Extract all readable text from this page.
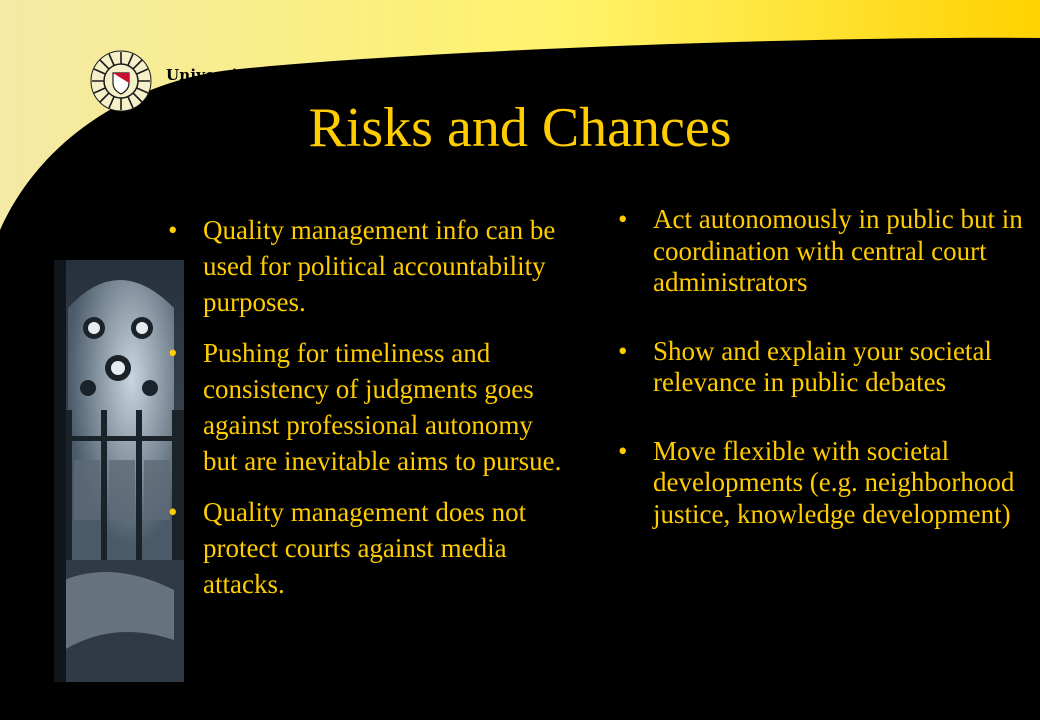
Universiteit Utrecht
Risks and Chances
• Quality management info can be used for political accountability purposes.
• Pushing for timeliness and consistency of judgments goes against professional autonomy but are inevitable aims to pursue.
• Quality management does not protect courts against media attacks.
• Act autonomously in public but in coordination with central court administrators
• Show and explain your societal relevance in public debates
• Move flexible with societal developments (e.g. neighborhood justice, knowledge development)
